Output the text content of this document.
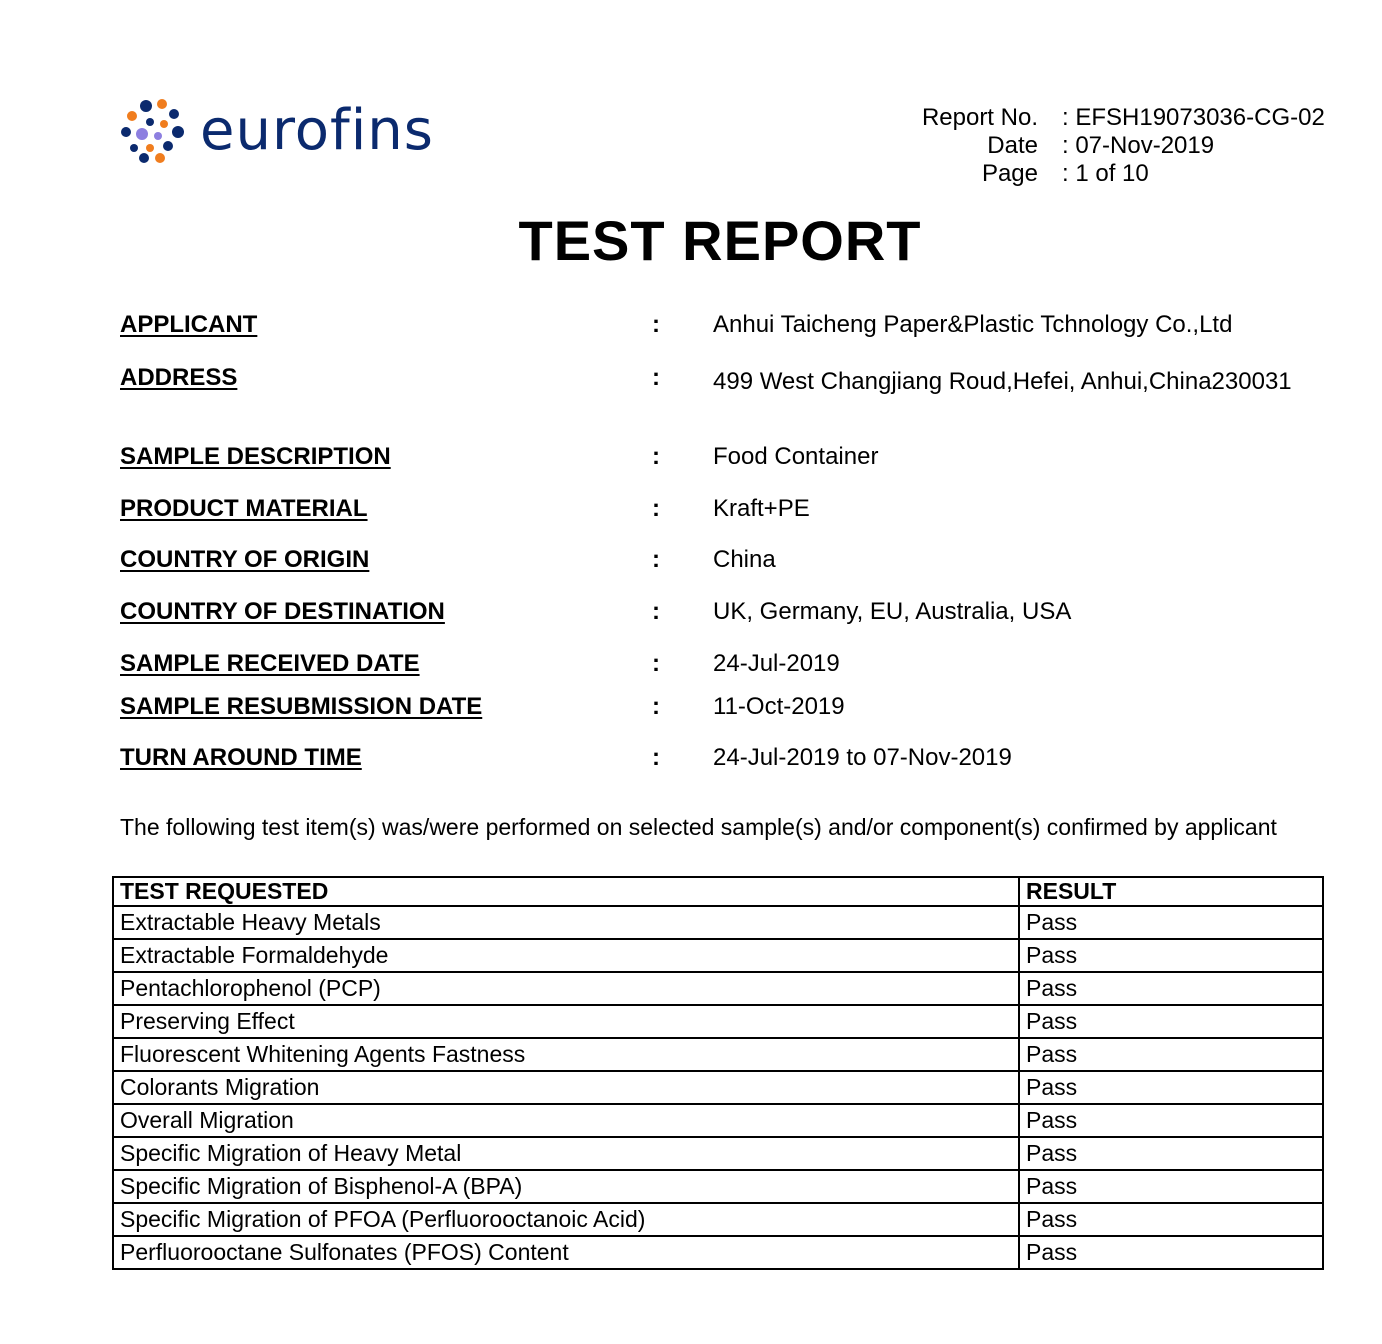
eurofins	Report No.	: EFSH19073036-CG-02
Date	: 07-Nov-2019
Page	: 1 of 10
TEST REPORT
APPLICANT	: Anhui Taicheng Paper&Plastic Tchnology Co.,Ltd
ADDRESS	: 499 West Changjiang Roud,Hefei, Anhui,China230031
SAMPLE DESCRIPTION	: Food Container
PRODUCT MATERIAL	: Kraft+PE
COUNTRY OF ORIGIN	: China
COUNTRY OF DESTINATION	: UK, Germany, EU, Australia, USA
SAMPLE RECEIVED DATE	: 24-Jul-2019
SAMPLE RESUBMISSION DATE	: 11-Oct-2019
TURN AROUND TIME	: 24-Jul-2019 to 07-Nov-2019
The following test item(s) was/were performed on selected sample(s) and/or component(s) confirmed by applicant
TEST REQUESTED	RESULT
Extractable Heavy Metals	Pass
Extractable Formaldehyde	Pass
Pentachlorophenol (PCP)	Pass
Preserving Effect	Pass
Fluorescent Whitening Agents Fastness	Pass
Colorants Migration	Pass
Overall Migration	Pass
Specific Migration of Heavy Metal	Pass
Specific Migration of Bisphenol-A (BPA)	Pass
Specific Migration of PFOA (Perfluorooctanoic Acid)	Pass
Perfluorooctane Sulfonates (PFOS) Content	Pass
